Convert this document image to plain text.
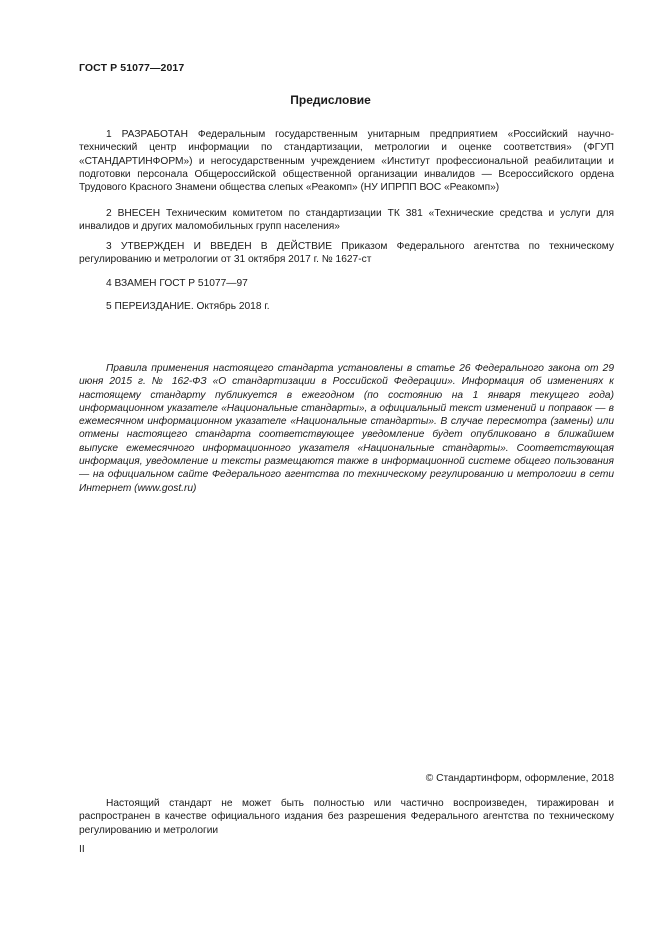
ГОСТ Р 51077—2017
Предисловие

1 РАЗРАБОТАН Федеральным государственным унитарным предприятием «Российский научно-технический центр информации по стандартизации, метрологии и оценке соответствия» (ФГУП «СТАНДАРТИНФОРМ») и негосударственным учреждением «Институт профессиональной реабилитации и подготовки персонала Общероссийской общественной организации инвалидов — Всероссийского ордена Трудового Красного Знамени общества слепых «Реакомп» (НУ ИПРПП ВОС «Реакомп»)

2 ВНЕСЕН Техническим комитетом по стандартизации ТК 381 «Технические средства и услуги для инвалидов и других маломобильных групп населения»

3 УТВЕРЖДЕН И ВВЕДЕН В ДЕЙСТВИЕ Приказом Федерального агентства по техническому регулированию и метрологии от 31 октября 2017 г. № 1627-ст

4 ВЗАМЕН ГОСТ Р 51077—97

5 ПЕРЕИЗДАНИЕ. Октябрь 2018 г.

Правила применения настоящего стандарта установлены в статье 26 Федерального закона от 29 июня 2015 г. № 162-ФЗ «О стандартизации в Российской Федерации». Информация об изменениях к настоящему стандарту публикуется в ежегодном (по состоянию на 1 января текущего года) информационном указателе «Национальные стандарты», а официальный текст изменений и поправок — в ежемесячном информационном указателе «Национальные стандарты». В случае пересмотра (замены) или отмены настоящего стандарта соответствующее уведомление будет опубликовано в ближайшем выпуске ежемесячного информационного указателя «Национальные стандарты». Соответствующая информация, уведомление и тексты размещаются также в информационной системе общего пользования — на официальном сайте Федерального агентства по техническому регулированию и метрологии в сети Интернет (www.gost.ru)

© Стандартинформ, оформление, 2018

Настоящий стандарт не может быть полностью или частично воспроизведен, тиражирован и распространен в качестве официального издания без разрешения Федерального агентства по техническому регулированию и метрологии

II
